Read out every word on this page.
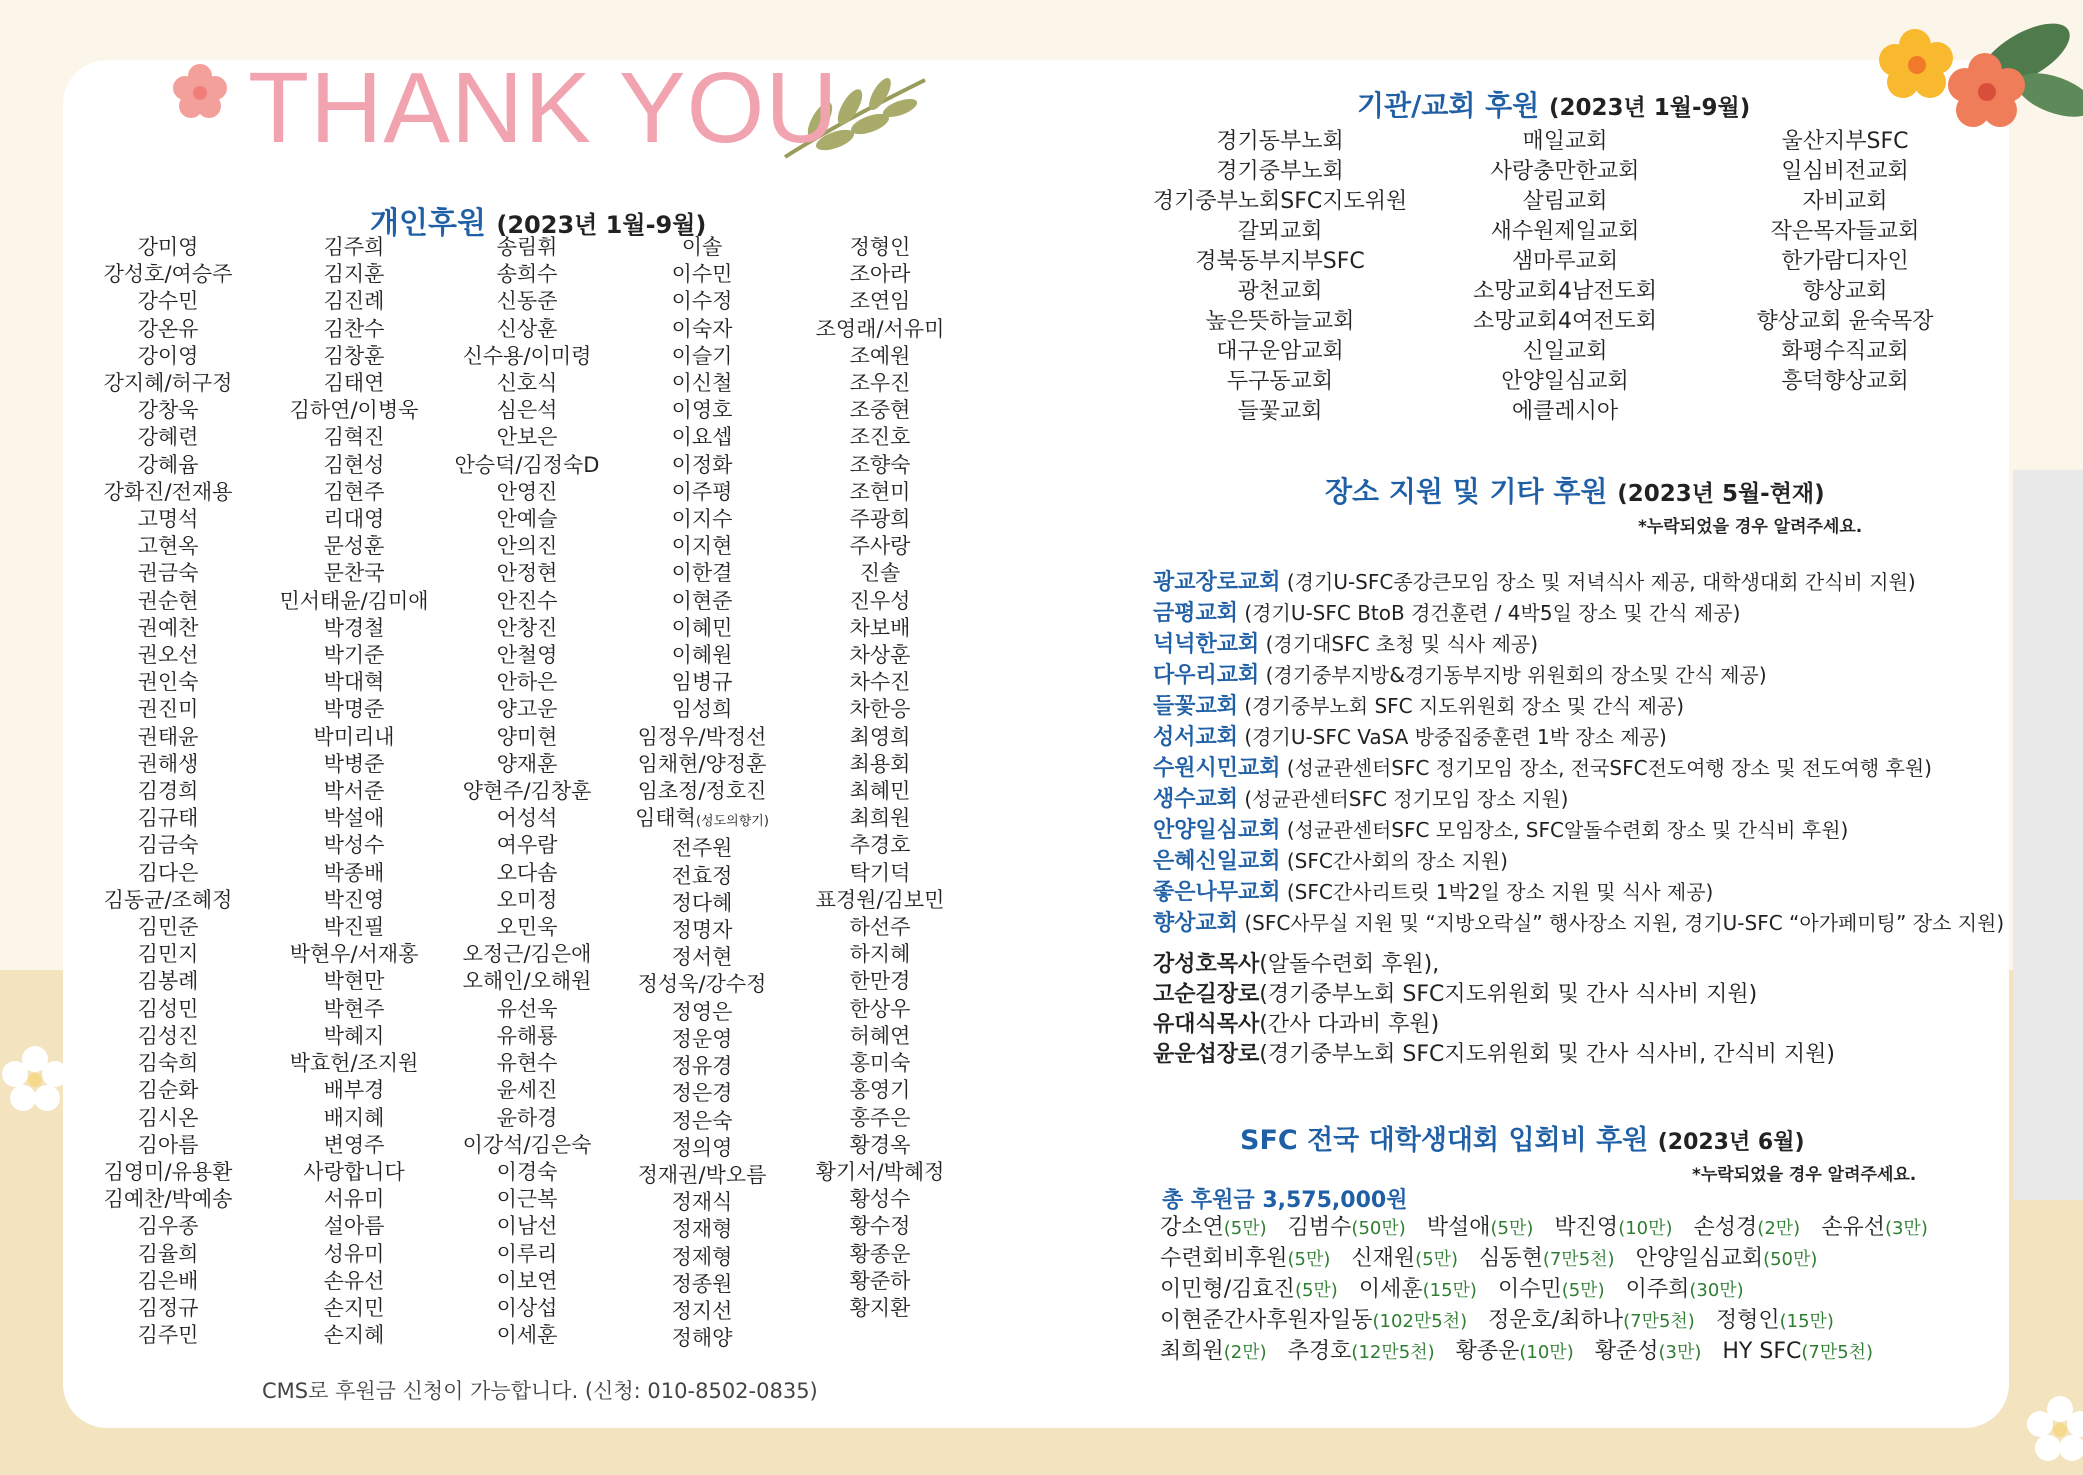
THANK YOU
개인후원 (2023년 1월-9월)
강미영
강성호/여승주
강수민
강온유
강이영
강지혜/허구정
강창욱
강혜련
강혜윰
강화진/전재용
고명석
고현옥
권금숙
권순현
권예찬
권오선
권인숙
권진미
권태윤
권해생
김경희
김규태
김금숙
김다은
김동균/조혜정
김민준
김민지
김봉례
김성민
김성진
김숙희
김순화
김시온
김아름
김영미/유용환
김예찬/박예송
김우종
김율희
김은배
김정규
김주민
김주희
김지훈
김진례
김찬수
김창훈
김태연
김하연/이병욱
김혁진
김현성
김현주
리대영
문성훈
문찬국
민서태윤/김미애
박경철
박기준
박대혁
박명준
박미리내
박병준
박서준
박설애
박성수
박종배
박진영
박진필
박현우/서재홍
박현만
박현주
박혜지
박효헌/조지원
배부경
배지혜
변영주
사랑합니다
서유미
설아름
성유미
손유선
손지민
손지혜
송림휘
송희수
신동준
신상훈
신수용/이미령
신호식
심은석
안보은
안승덕/김정숙D
안영진
안예슬
안의진
안정현
안진수
안창진
안철영
안하은
양고운
양미현
양재훈
양현주/김창훈
어성석
여우람
오다솜
오미정
오민욱
오정근/김은애
오해인/오해원
유선욱
유해룡
유현수
윤세진
윤하경
이강석/김은숙
이경숙
이근복
이남선
이루리
이보연
이상섭
이세훈
이솔
이수민
이수정
이숙자
이슬기
이신철
이영호
이요셉
이정화
이주평
이지수
이지현
이한결
이현준
이혜민
이혜원
임병규
임성희
임정우/박정선
임채현/양정훈
임초정/정호진
임태혁(성도의향기)
전주원
전효정
정다혜
정명자
정서현
정성욱/강수정
정영은
정운영
정유경
정은경
정은숙
정의영
정재권/박오름
정재식
정재형
정제형
정종원
정지선
정해양
정형인
조아라
조연임
조영래/서유미
조예원
조우진
조중현
조진호
조향숙
조현미
주광희
주사랑
진솔
진우성
차보배
차상훈
차수진
차한응
최영희
최용회
최혜민
최희원
추경호
탁기덕
표경원/김보민
하선주
하지혜
한만경
한상우
허혜연
홍미숙
홍영기
홍주은
황경옥
황기서/박혜정
황성수
황수정
황종운
황준하
황지환
CMS로 후원금 신청이 가능합니다. (신청: 010-8502-0835)
기관/교회 후원 (2023년 1월-9월)
경기동부노회
경기중부노회
경기중부노회SFC지도위원
갈뫼교회
경북동부지부SFC
광천교회
높은뜻하늘교회
대구운암교회
두구동교회
들꽃교회
매일교회
사랑충만한교회
살림교회
새수원제일교회
샘마루교회
소망교회4남전도회
소망교회4여전도회
신일교회
안양일심교회
에클레시아
울산지부SFC
일심비전교회
자비교회
작은목자들교회
한가람디자인
향상교회
향상교회 윤숙목장
화평수직교회
흥덕향상교회
장소 지원 및 기타 후원 (2023년 5월-현재)
*누락되었을 경우 알려주세요.
광교장로교회 (경기U-SFC종강큰모임 장소 및 저녁식사 제공, 대학생대회 간식비 지원)
금평교회 (경기U-SFC BtoB 경건훈련 / 4박5일 장소 및 간식 제공)
넉넉한교회 (경기대SFC 초청 및 식사 제공)
다우리교회 (경기중부지방&경기동부지방 위원회의 장소및 간식 제공)
들꽃교회 (경기중부노회 SFC 지도위원회 장소 및 간식 제공)
성서교회 (경기U-SFC VaSA 방중집중훈련 1박 장소 제공)
수원시민교회 (성균관센터SFC 정기모임 장소, 전국SFC전도여행 장소 및 전도여행 후원)
생수교회 (성균관센터SFC 정기모임 장소 지원)
안양일심교회 (성균관센터SFC 모임장소, SFC알돌수련회 장소 및 간식비 후원)
은혜신일교회 (SFC간사회의 장소 지원)
좋은나무교회 (SFC간사리트릿 1박2일 장소 지원 및 식사 제공)
향상교회 (SFC사무실 지원 및 “지방오락실” 행사장소 지원, 경기U-SFC “아가페미팅” 장소 지원)
강성호목사(알돌수련회 후원),
고순길장로(경기중부노회 SFC지도위원회 및 간사 식사비 지원)
유대식목사(간사 다과비 후원)
윤운섭장로(경기중부노회 SFC지도위원회 및 간사 식사비, 간식비 지원)
SFC 전국 대학생대회 입회비 후원 (2023년 6월)
*누락되었을 경우 알려주세요.
총 후원금 3,575,000원
강소연(5만) 김범수(50만) 박설애(5만) 박진영(10만) 손성경(2만) 손유선(3만)
수련회비후원(5만) 신재원(5만) 심동현(7만5천) 안양일심교회(50만)
이민형/김효진(5만) 이세훈(15만) 이수민(5만) 이주희(30만)
이현준간사후원자일동(102만5천) 정운호/최하나(7만5천) 정형인(15만)
최희원(2만) 추경호(12만5천) 황종운(10만) 황준성(3만) HY SFC(7만5천)
